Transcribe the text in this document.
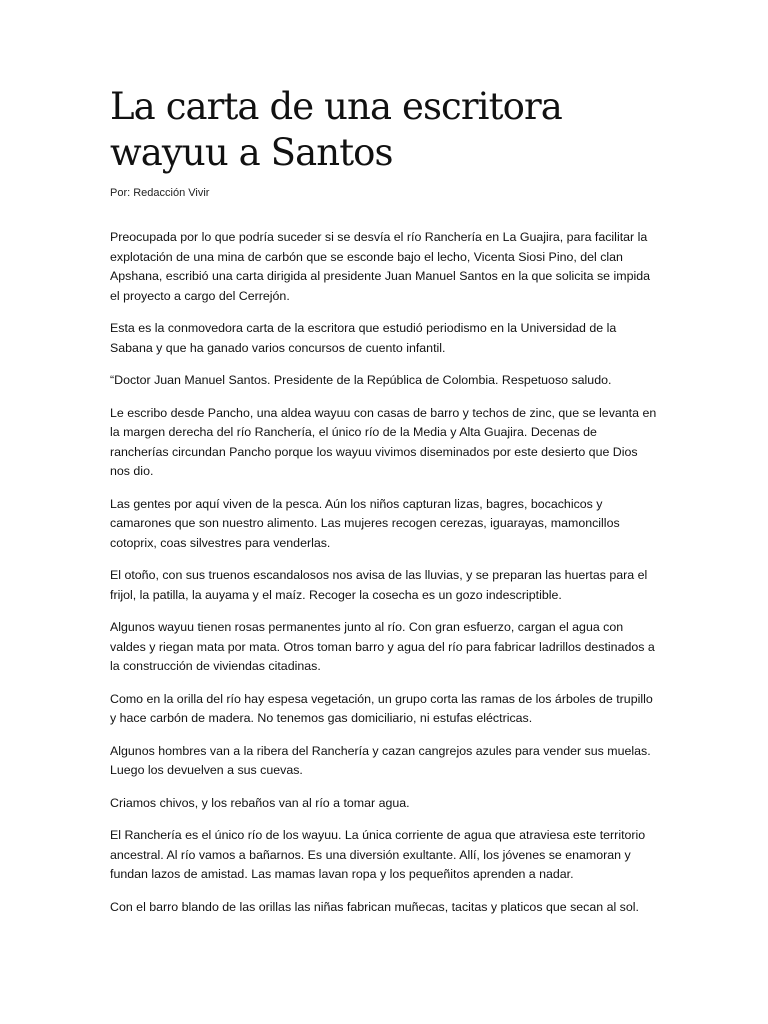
La carta de una escritora wayuu a Santos

Por: Redacción Vivir

Preocupada por lo que podría suceder si se desvía el río Ranchería en La Guajira, para facilitar la explotación de una mina de carbón que se esconde bajo el lecho, Vicenta Siosi Pino, del clan Apshana, escribió una carta dirigida al presidente Juan Manuel Santos en la que solicita se impida el proyecto a cargo del Cerrejón.

Esta es la conmovedora carta de la escritora que estudió periodismo en la Universidad de la Sabana y que ha ganado varios concursos de cuento infantil.

“Doctor Juan Manuel Santos. Presidente de la República de Colombia. Respetuoso saludo.

Le escribo desde Pancho, una aldea wayuu con casas de barro y techos de zinc, que se levanta en la margen derecha del río Ranchería, el único río de la Media y Alta Guajira. Decenas de rancherías circundan Pancho porque los wayuu vivimos diseminados por este desierto que Dios nos dio.

Las gentes por aquí viven de la pesca. Aún los niños capturan lizas, bagres, bocachicos y camarones que son nuestro alimento. Las mujeres recogen cerezas, iguarayas, mamoncillos cotoprix, coas silvestres para venderlas.

El otoño, con sus truenos escandalosos nos avisa de las lluvias, y se preparan las huertas para el frijol, la patilla, la auyama y el maíz. Recoger la cosecha es un gozo indescriptible.

Algunos wayuu tienen rosas permanentes junto al río. Con gran esfuerzo, cargan el agua con valdes y riegan mata por mata. Otros toman barro y agua del río para fabricar ladrillos destinados a la construcción de viviendas citadinas.

Como en la orilla del río hay espesa vegetación, un grupo corta las ramas de los árboles de trupillo y hace carbón de madera. No tenemos gas domiciliario, ni estufas eléctricas.

Algunos hombres van a la ribera del Ranchería y cazan cangrejos azules para vender sus muelas. Luego los devuelven a sus cuevas.

Criamos chivos, y los rebaños van al río a tomar agua.

El Ranchería es el único río de los wayuu. La única corriente de agua que atraviesa este territorio ancestral. Al río vamos a bañarnos. Es una diversión exultante. Allí, los jóvenes se enamoran y fundan lazos de amistad. Las mamas lavan ropa y los pequeñitos aprenden a nadar.

Con el barro blando de las orillas las niñas fabrican muñecas, tacitas y platicos que secan al sol.
